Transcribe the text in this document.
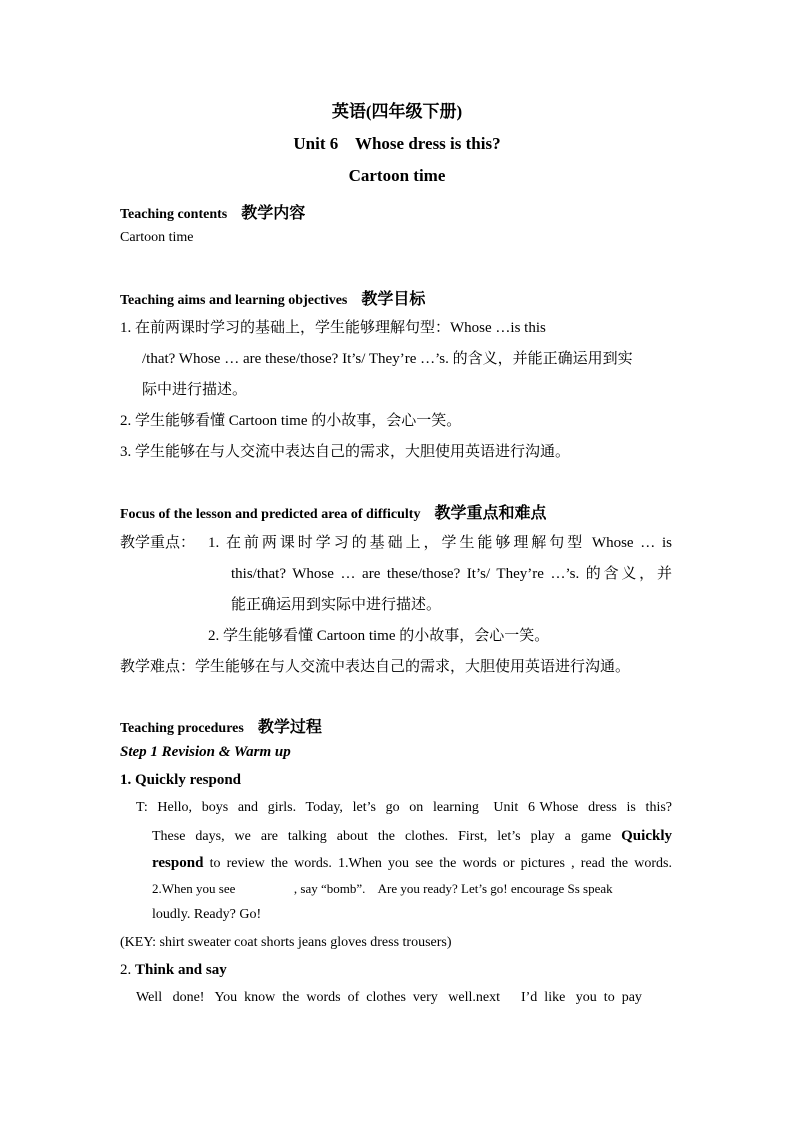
英语(四年级下册)
Unit 6    Whose dress is this?
Cartoon time
Teaching contents 教学内容
Cartoon time
Teaching aims and learning objectives 教学目标
1. 在前两课时学习的基础上，学生能够理解句型：Whose …is this
/that? Whose … are these/those? It’s/ They’re …’s. 的含义，并能正确运用到实
际中进行描述。
2. 学生能够看懂 Cartoon time 的小故事，会心一笑。
3. 学生能够在与人交流中表达自己的需求，大胆使用英语进行沟通。
Focus of the lesson and predicted area of difficulty 教学重点和难点
教学重点： 1. 在前两课时学习的基础上，学生能够理解句型 Whose … is
this/that? Whose … are these/those? It’s/ They’re …’s. 的含义，并
能正确运用到实际中进行描述。
2. 学生能够看懂 Cartoon time 的小故事，会心一笑。
教学难点：学生能够在与人交流中表达自己的需求，大胆使用英语进行沟通。
Teaching procedures 教学过程
Step 1 Revision & Warm up
1. Quickly respond
T:  Hello,  boys  and  girls.  Today,  let’s  go  on  learning   Unit  6 Whose  dress  is  this?
These days, we are talking about the clothes. First, let’s play a game Quickly
respond to review the words. 1.When you see the words or pictures , read the words.
2.When you see                  , say “bomb”.    Are you ready? Let’s go! encourage Ss speak
loudly. Ready? Go!
(KEY: shirt sweater coat shorts jeans gloves dress trousers)
2. Think and say
Well   done!   You  know  the  words  of  clothes  very   well.next      I’d  like   you  to  pay
